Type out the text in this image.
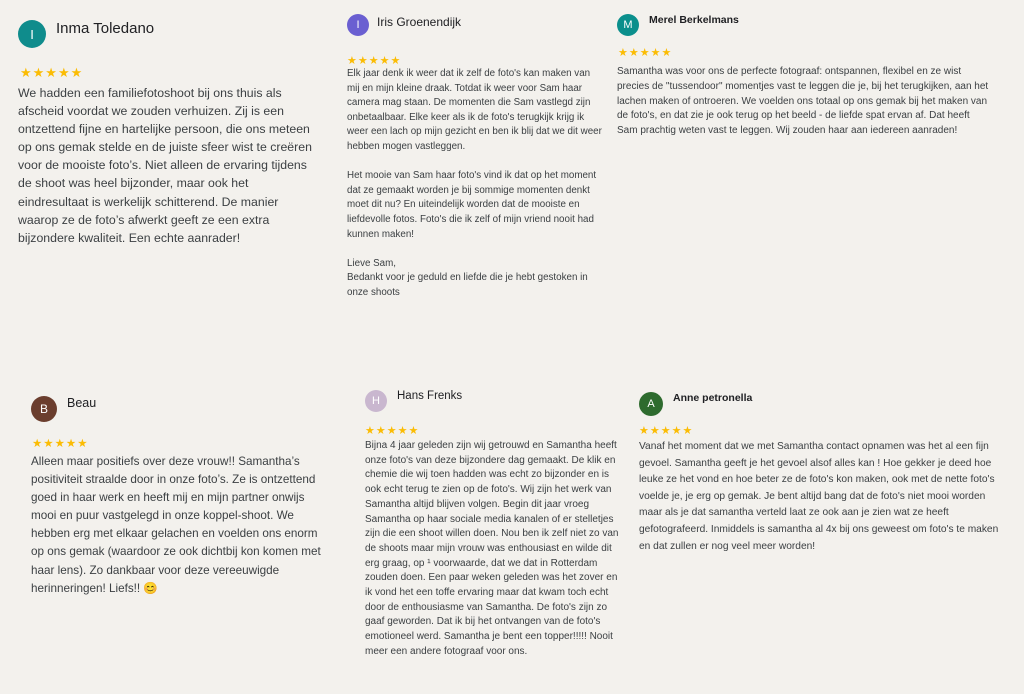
I	Inma Toledano
★★★★★
We hadden een familiefotoshoot bij ons thuis als afscheid voordat we zouden verhuizen. Zij is een ontzettend fijne en hartelijke persoon, die ons meteen op ons gemak stelde en de juiste sfeer wist te creëren voor de mooiste foto’s. Niet alleen de ervaring tijdens de shoot was heel bijzonder, maar ook het eindresultaat is werkelijk schitterend. De manier waarop ze de foto’s afwerkt geeft ze een extra bijzondere kwaliteit. Een echte aanrader!
I	Iris Groenendijk
★★★★★
Elk jaar denk ik weer dat ik zelf de foto's kan maken van mij en mijn kleine draak. Totdat ik weer voor Sam haar camera mag staan. De momenten die Sam vastlegd zijn onbetaalbaar. Elke keer als ik de foto's terugkijk krijg ik weer een lach op mijn gezicht en ben ik blij dat we dit weer hebben mogen vastleggen.

Het mooie van Sam haar foto's vind ik dat op het moment dat ze gemaakt worden je bij sommige momenten denkt moet dit nu? En uiteindelijk worden dat de mooiste en liefdevolle fotos. Foto's die ik zelf of mijn vriend nooit had kunnen maken!

Lieve Sam,
Bedankt voor je geduld en liefde die je hebt gestoken in onze shoots
M	Merel Berkelmans
★★★★★
Samantha was voor ons de perfecte fotograaf: ontspannen, flexibel en ze wist precies de "tussendoor" momentjes vast te leggen die je, bij het terugkijken, aan het lachen maken of ontroeren. We voelden ons totaal op ons gemak bij het maken van de foto's, en dat zie je ook terug op het beeld - de liefde spat ervan af. Dat heeft Sam prachtig weten vast te leggen. Wij zouden haar aan iedereen aanraden!
B	Beau
★★★★★
Alleen maar positiefs over deze vrouw!! Samantha’s positiviteit straalde door in onze foto’s. Ze is ontzettend goed in haar werk en heeft mij en mijn partner onwijs mooi en puur vastgelegd in onze koppel-shoot. We hebben erg met elkaar gelachen en voelden ons enorm op ons gemak (waardoor ze ook dichtbij kon komen met haar lens). Zo dankbaar voor deze vereeuwigde herinneringen! Liefs!! 😊
H	Hans Frenks
★★★★★
Bijna 4 jaar geleden zijn wij getrouwd en Samantha heeft onze foto's van deze bijzondere dag gemaakt. De klik en chemie die wij toen hadden was echt zo bijzonder en is ook echt terug te zien op de foto's. Wij zijn het werk van Samantha altijd blijven volgen. Begin dit jaar vroeg Samantha op haar sociale media kanalen of er stelletjes zijn die een shoot willen doen. Nou ben ik zelf niet zo van de shoots maar mijn vrouw was enthousiast en wilde dit erg graag, op ¹ voorwaarde, dat we dat in Rotterdam zouden doen. Een paar weken geleden was het zover en ik vond het een toffe ervaring maar dat kwam toch echt door de enthousiasme van Samantha. De foto's zijn zo gaaf geworden. Dat ik bij het ontvangen van de foto's emotioneel werd. Samantha je bent een topper!!!!! Nooit meer een andere fotograaf voor ons.
A	Anne petronella
★★★★★
Vanaf het moment dat we met Samantha contact opnamen was het al een fijn gevoel. Samantha geeft je het gevoel alsof alles kan ! Hoe gekker je deed hoe leuke ze het vond en hoe beter ze de foto's kon maken, ook met de nette foto's voelde je, je erg op gemak. Je bent altijd bang dat de foto's niet mooi worden maar als je dat samantha verteld laat ze ook aan je zien wat ze heeft gefotografeerd. Inmiddels is samantha al 4x bij ons geweest om foto's te maken en dat zullen er nog veel meer worden!
